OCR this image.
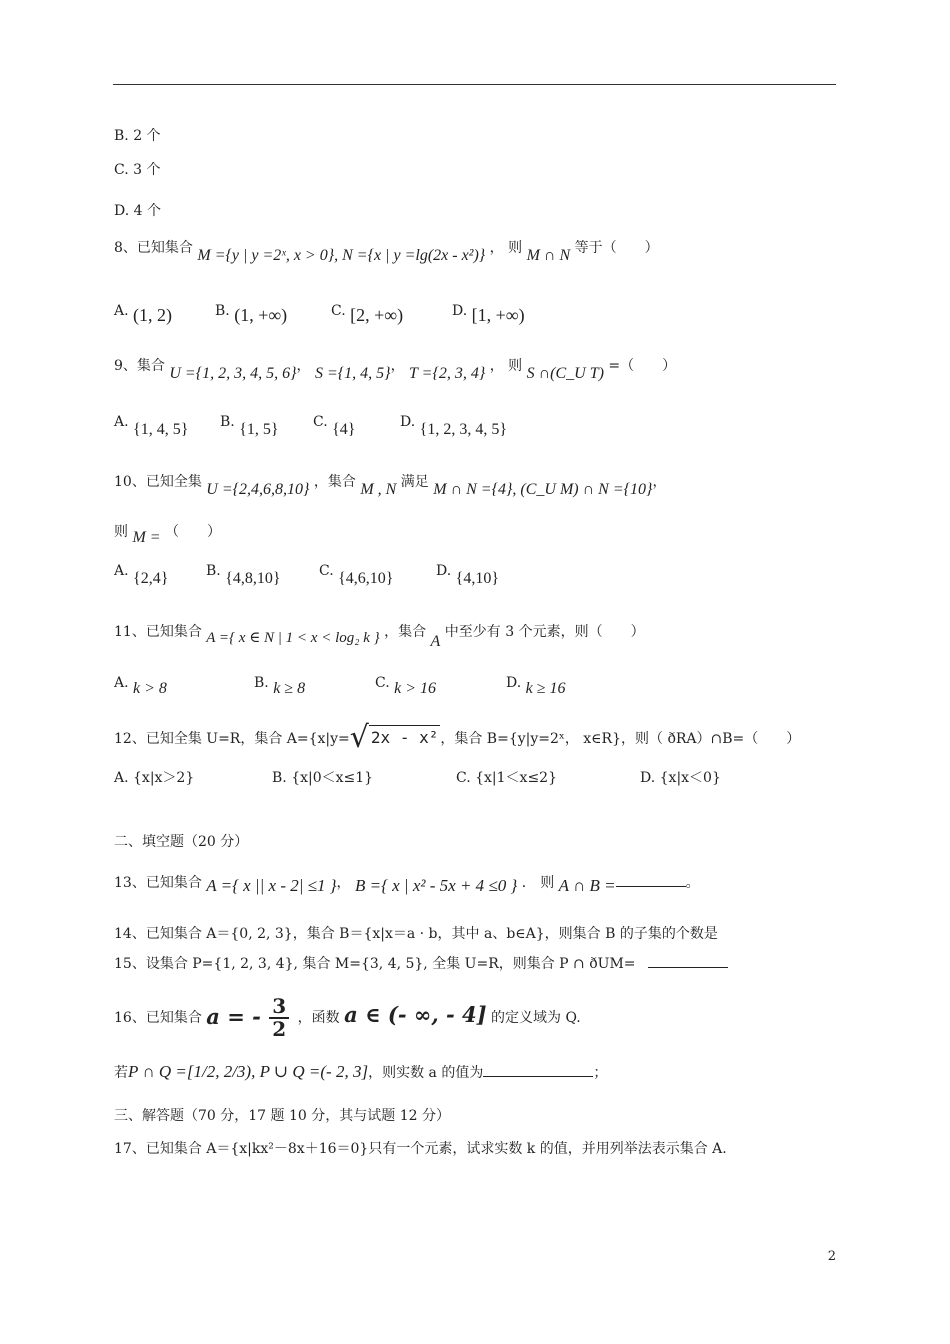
B. 2 个
C. 3 个
D. 4 个
8、已知集合 M ={y | y =2ˣ, x > 0}, N ={x | y =lg(2x - x²)} ， 则 M ∩ N 等于（　　）
A. (1, 2)	B. (1, +∞)	C. [2, +∞)	D. [1, +∞)
9、集合 U ={1, 2, 3, 4, 5, 6}， S ={1, 4, 5}， T ={2, 3, 4} ， 则 S ∩(C_U T) =（　　）
A. {1, 4, 5} B. {1, 5} C. {4}	D. {1, 2, 3, 4, 5}
10、已知全集 U ={2,4,6,8,10} ，集合 M , N 满足 M ∩ N ={4}, (C_U M) ∩ N ={10}，
则 M = （　　）
A. {2,4}	B. {4,8,10}	C. {4,6,10}	D. {4,10}
11、已知集合 A ={ x ∈ N | 1 < x < log₂ k } ，集合 A 中至少有 3 个元素，则（　　）
A. k > 8	B. k ≥ 8	C. k > 16	D. k ≥ 16
12、已知全集 U=R，集合 A={x|y=√ 2x - x² ，集合 B={y|y=2ˣ， x∈R}，则（ ðRA）∩B=（　　）
A. {x|x＞2}	B. {x|0＜x≤1}	C. {x|1＜x≤2}	D. {x|x＜0}
二、填空题（20 分）
13、已知集合 A ={ x || x - 2| ≤1 }， B ={ x | x² - 5x + 4 ≤0 } ． 则 A ∩ B =	。
14、已知集合 A＝{0, 2, 3}，集合 B＝{x|x＝a · b，其中 a、b∈A}，则集合 B 的子集的个数是
15、设集合 P={1, 2, 3, 4}, 集合 M={3, 4, 5}, 全集 U=R，则集合 P ∩ ðUM=
16、已知集合 a = - $\frac{3}{2}$ ，函数 a ∈ (- ∞, - 4] 的定义域为 Q.
若P ∩ Q =[1/2, 2/3), P ∪ Q =(- 2, 3]，则实数 a 的值为	；
三、解答题（70 分，17 题 10 分，其与试题 12 分）
17、已知集合 A＝{x|kx²－8x＋16＝0}只有一个元素，试求实数 k 的值，并用列举法表示集合 A.
2
